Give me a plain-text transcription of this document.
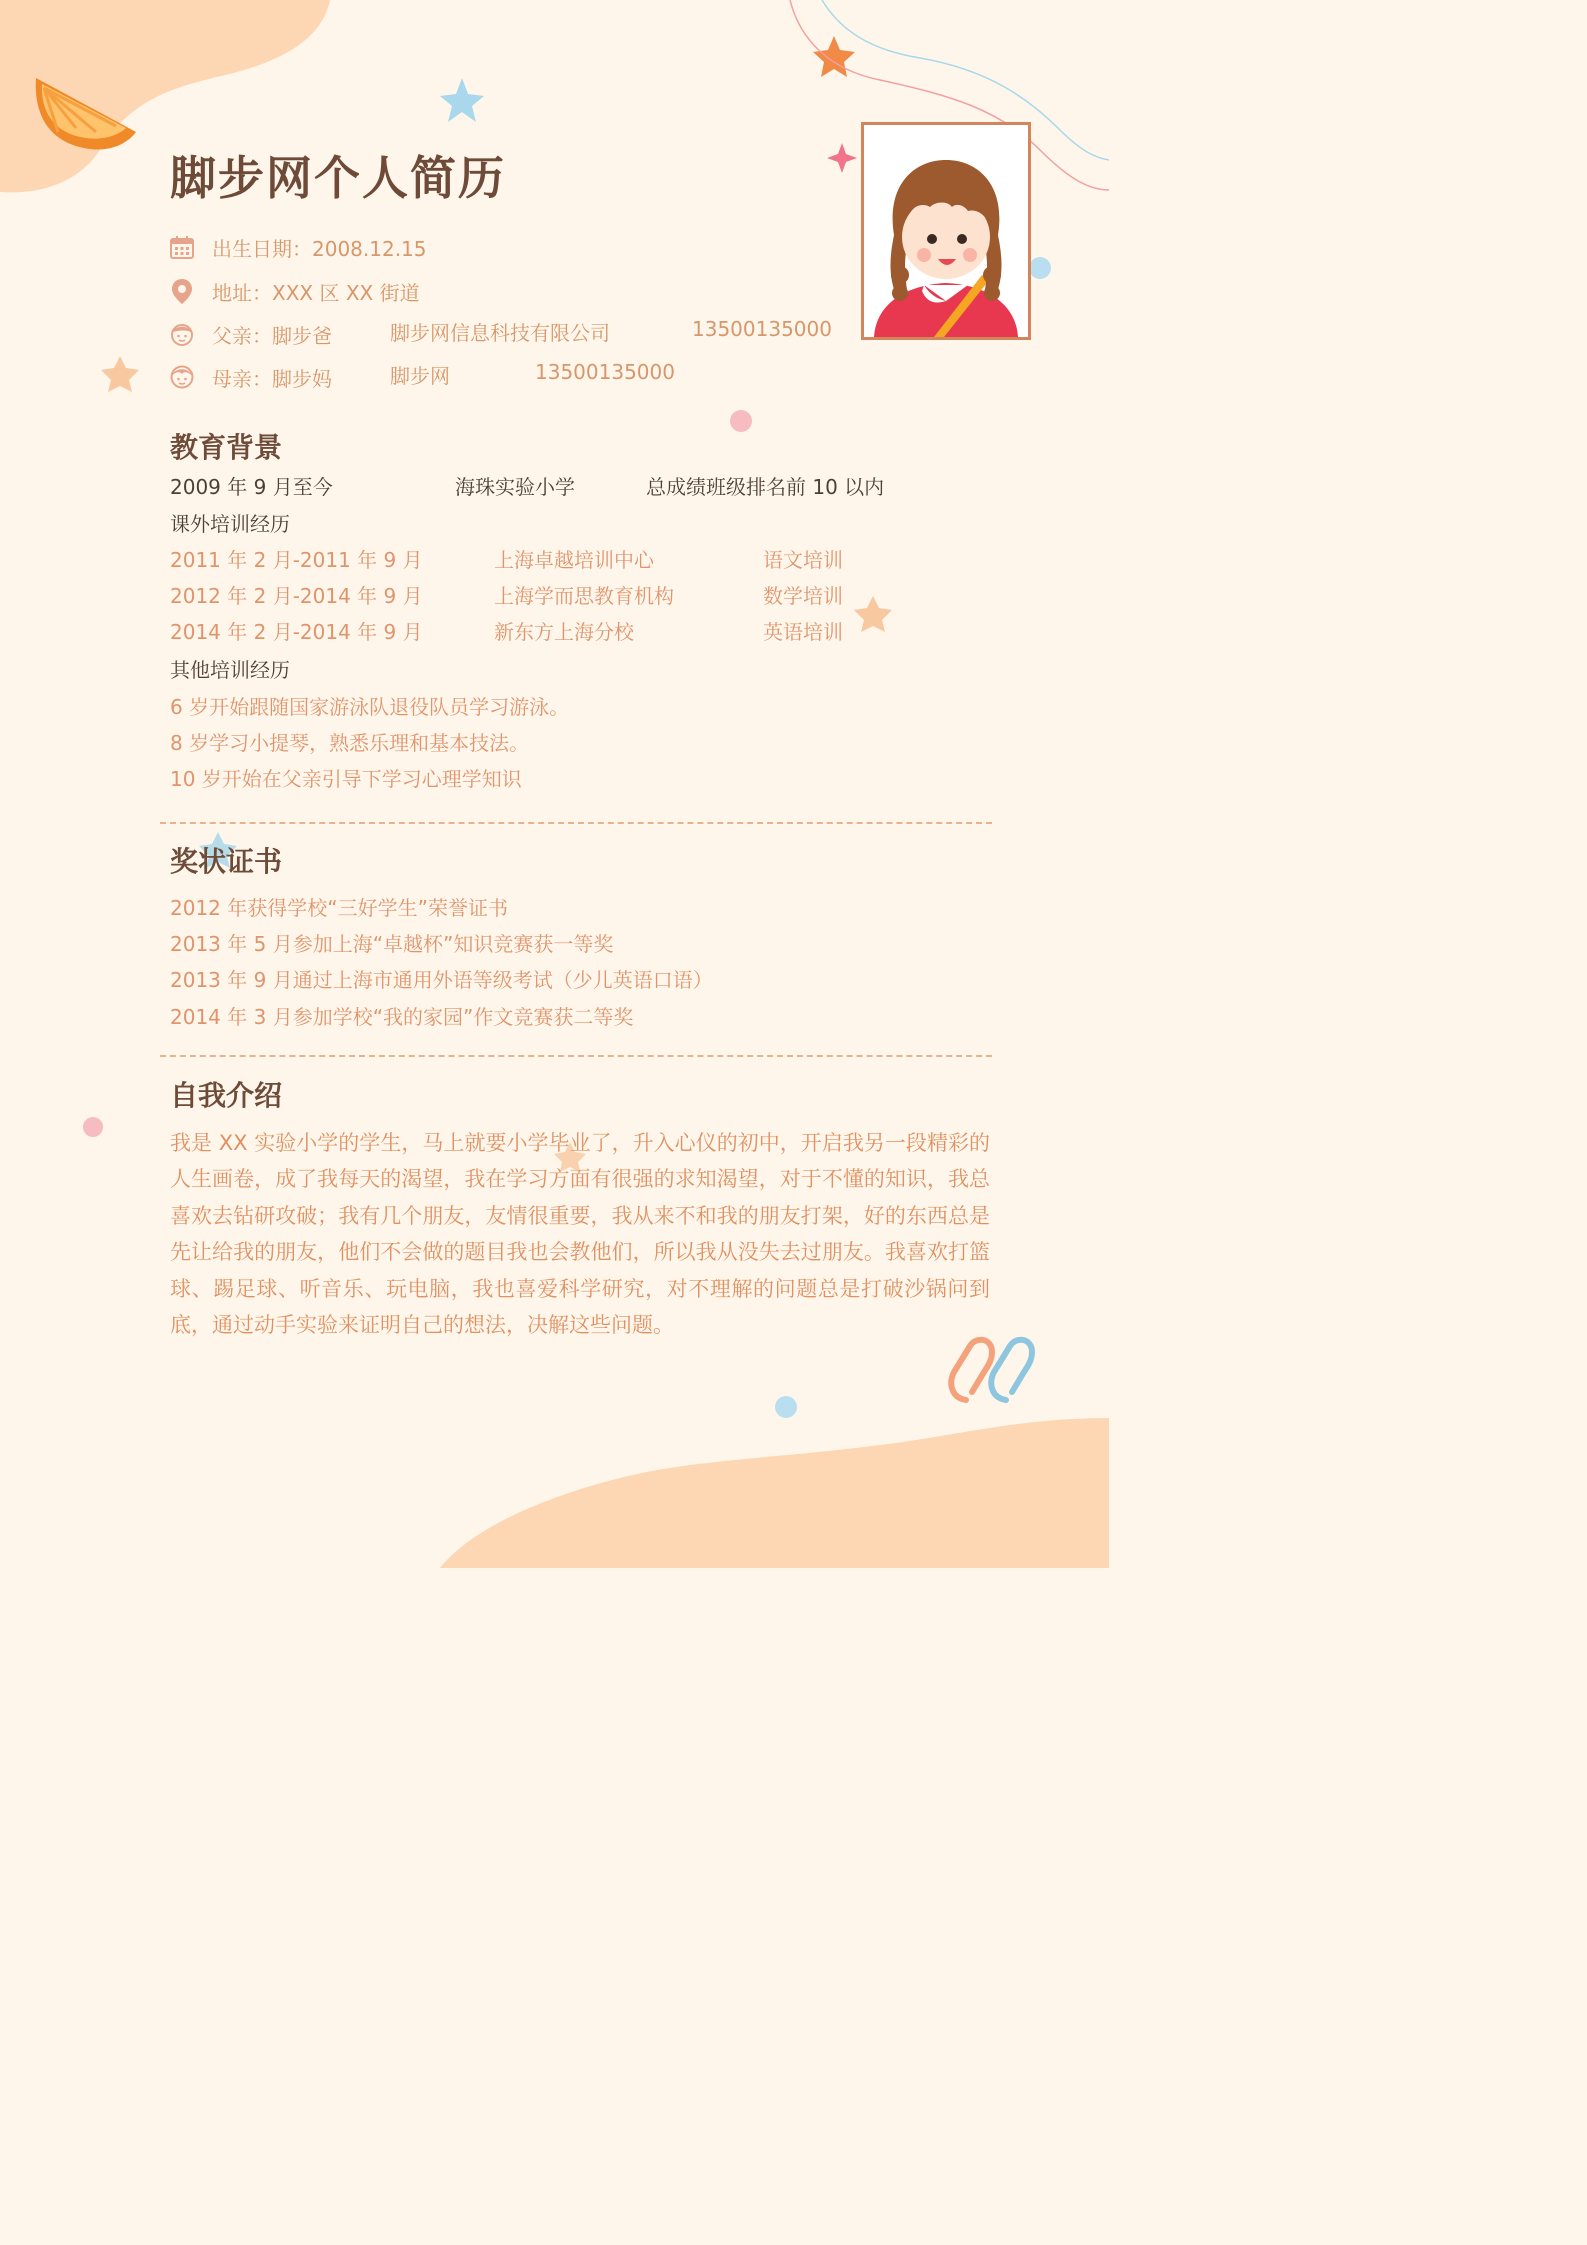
脚步网个人简历
出生日期：2008.12.15
地址：XXX 区 XX 街道
父亲：脚步爸	脚步网信息科技有限公司	13500135000
母亲：脚步妈	脚步网	13500135000
教育背景
2009 年 9 月至今	海珠实验小学	总成绩班级排名前 10 以内
课外培训经历
2011 年 2 月-2011 年 9 月	上海卓越培训中心	语文培训
2012 年 2 月-2014 年 9 月	上海学而思教育机构	数学培训
2014 年 2 月-2014 年 9 月	新东方上海分校	英语培训
其他培训经历
6 岁开始跟随国家游泳队退役队员学习游泳。
8 岁学习小提琴，熟悉乐理和基本技法。
10 岁开始在父亲引导下学习心理学知识
奖状证书
2012 年获得学校“三好学生”荣誉证书
2013 年 5 月参加上海“卓越杯”知识竞赛获一等奖
2013 年 9 月通过上海市通用外语等级考试（少儿英语口语）
2014 年 3 月参加学校“我的家园”作文竞赛获二等奖
自我介绍
我是 XX 实验小学的学生，马上就要小学毕业了，升入心仪的初中，开启我另一段精彩的人生画卷，成了我每天的渴望，我在学习方面有很强的求知渴望，对于不懂的知识，我总喜欢去钻研攻破；我有几个朋友，友情很重要，我从来不和我的朋友打架，好的东西总是先让给我的朋友，他们不会做的题目我也会教他们，所以我从没失去过朋友。我喜欢打篮球、踢足球、听音乐、玩电脑，我也喜爱科学研究，对不理解的问题总是打破沙锅问到底，通过动手实验来证明自己的想法，决解这些问题。
